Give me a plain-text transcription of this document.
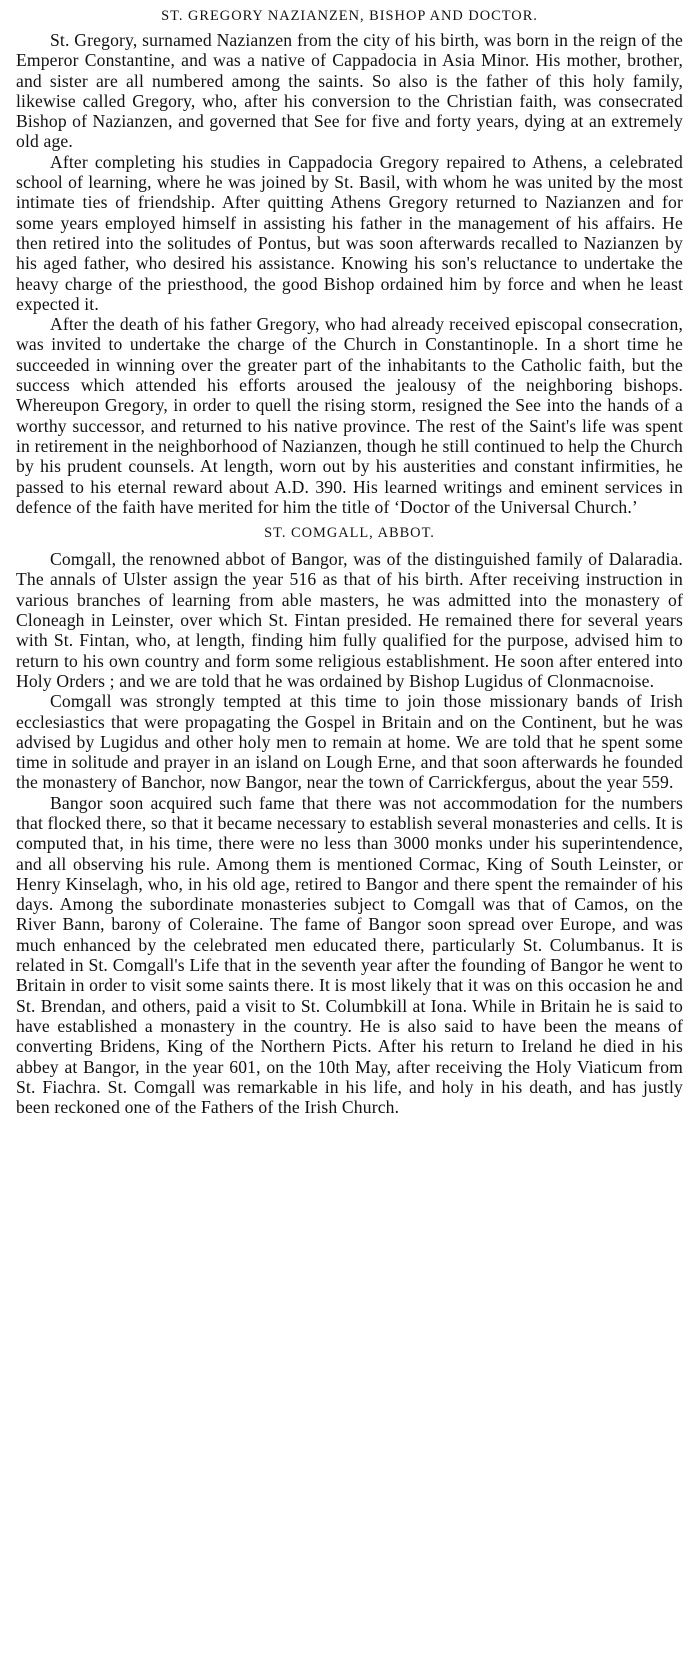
ST. GREGORY NAZIANZEN, BISHOP AND DOCTOR.

St. Gregory, surnamed Nazianzen from the city of his birth, was born in the reign of the Emperor Constantine, and was a native of Cappadocia in Asia Minor. His mother, brother, and sister are all numbered among the saints. So also is the father of this holy family, likewise called Gregory, who, after his conversion to the Christian faith, was consecrated Bishop of Nazianzen, and governed that See for five and forty years, dying at an extremely old age.

After completing his studies in Cappadocia Gregory repaired to Athens, a celebrated school of learning, where he was joined by St. Basil, with whom he was united by the most intimate ties of friendship. After quitting Athens Gregory returned to Nazianzen and for some years employed himself in assisting his father in the management of his affairs. He then retired into the solitudes of Pontus, but was soon afterwards recalled to Nazianzen by his aged father, who desired his assistance. Knowing his son's reluctance to undertake the heavy charge of the priesthood, the good Bishop ordained him by force and when he least expected it.

After the death of his father Gregory, who had already received episcopal consecration, was invited to undertake the charge of the Church in Constantinople. In a short time he succeeded in winning over the greater part of the inhabitants to the Catholic faith, but the success which attended his efforts aroused the jealousy of the neighboring bishops. Whereupon Gregory, in order to quell the rising storm, resigned the See into the hands of a worthy successor, and returned to his native province. The rest of the Saint's life was spent in retirement in the neighborhood of Nazianzen, though he still continued to help the Church by his prudent counsels. At length, worn out by his austerities and constant infirmities, he passed to his eternal reward about A.D. 390. His learned writings and eminent services in defence of the faith have merited for him the title of ‘Doctor of the Universal Church.’

ST. COMGALL, ABBOT.

Comgall, the renowned abbot of Bangor, was of the distinguished family of Dalaradia. The annals of Ulster assign the year 516 as that of his birth. After receiving instruction in various branches of learning from able masters, he was admitted into the monastery of Cloneagh in Leinster, over which St. Fintan presided. He remained there for several years with St. Fintan, who, at length, finding him fully qualified for the purpose, advised him to return to his own country and form some religious establishment. He soon after entered into Holy Orders ; and we are told that he was ordained by Bishop Lugidus of Clonmacnoise.

Comgall was strongly tempted at this time to join those missionary bands of Irish ecclesiastics that were propagating the Gospel in Britain and on the Continent, but he was advised by Lugidus and other holy men to remain at home. We are told that he spent some time in solitude and prayer in an island on Lough Erne, and that soon afterwards he founded the monastery of Banchor, now Bangor, near the town of Carrickfergus, about the year 559.

Bangor soon acquired such fame that there was not accommodation for the numbers that flocked there, so that it became necessary to establish several monasteries and cells. It is computed that, in his time, there were no less than 3000 monks under his superintendence, and all observing his rule. Among them is mentioned Cormac, King of South Leinster, or Henry Kinselagh, who, in his old age, retired to Bangor and there spent the remainder of his days. Among the subordinate monasteries subject to Comgall was that of Camos, on the River Bann, barony of Coleraine. The fame of Bangor soon spread over Europe, and was much enhanced by the celebrated men educated there, particularly St. Columbanus. It is related in St. Comgall's Life that in the seventh year after the founding of Bangor he went to Britain in order to visit some saints there. It is most likely that it was on this occasion he and St. Brendan, and others, paid a visit to St. Columbkill at Iona. While in Britain he is said to have established a monastery in the country. He is also said to have been the means of converting Bridens, King of the Northern Picts. After his return to Ireland he died in his abbey at Bangor, in the year 601, on the 10th May, after receiving the Holy Viaticum from St. Fiachra. St. Comgall was remarkable in his life, and holy in his death, and has justly been reckoned one of the Fathers of the Irish Church.
